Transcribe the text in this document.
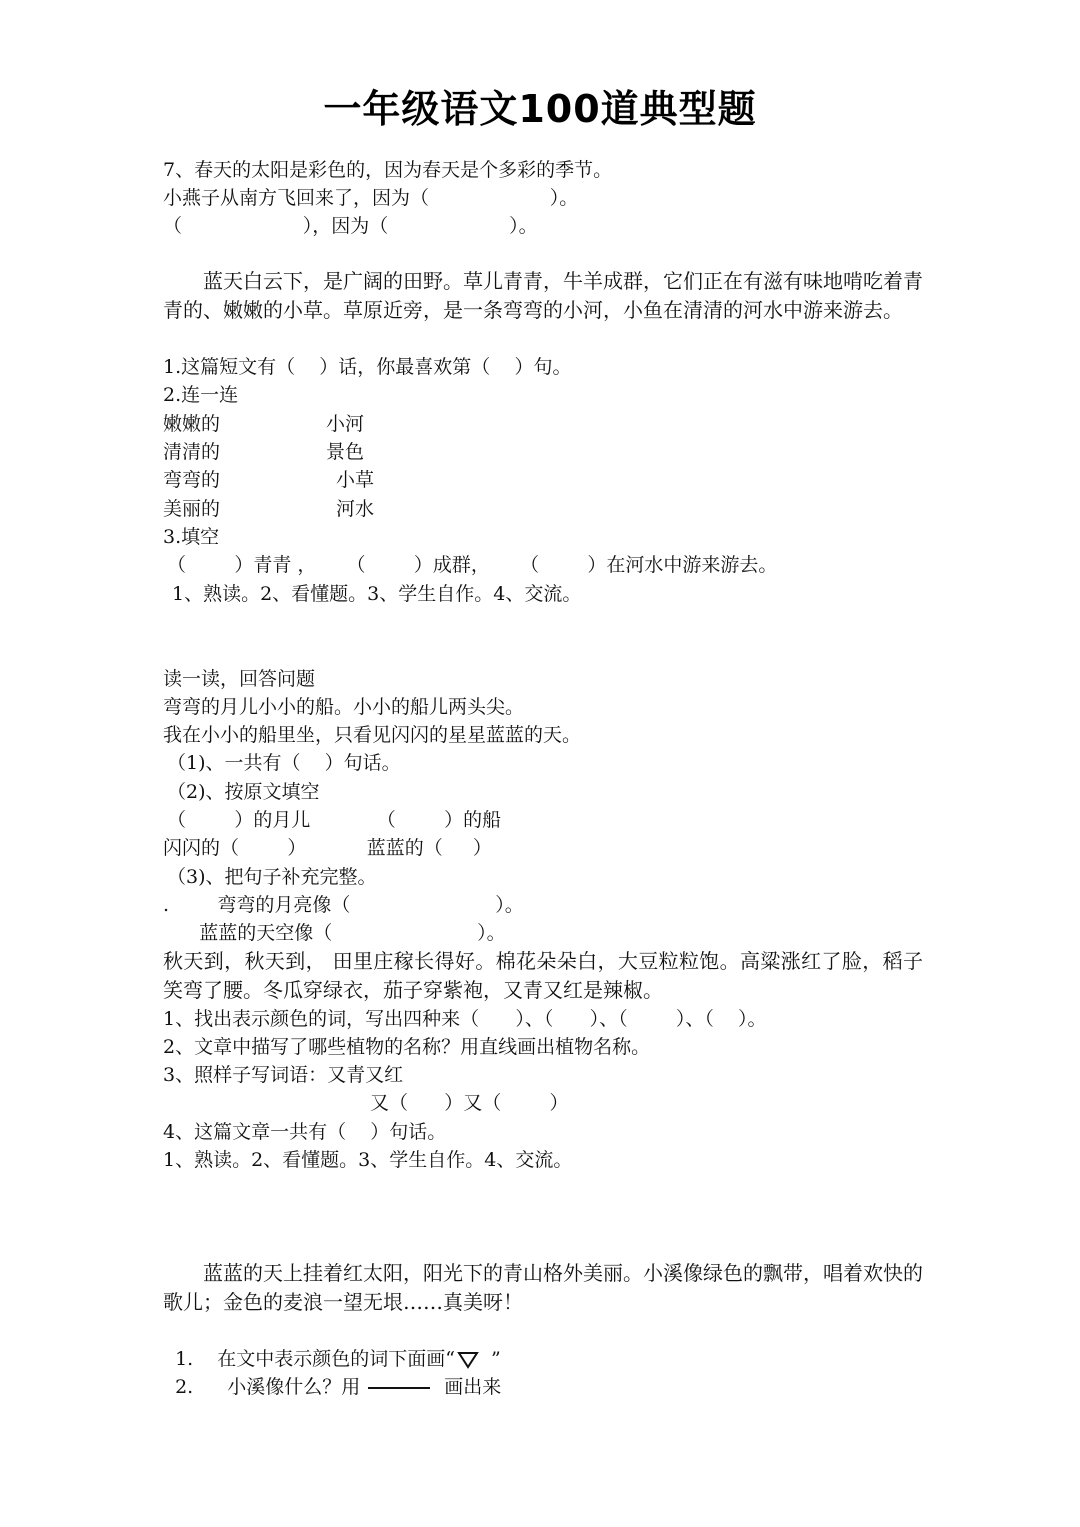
一年级语文100道典型题
7、春天的太阳是彩色的，因为春天是个多彩的季节。
小燕子从南方飞回来了，因为（                    ）。
（                    ），因为（                    ）。
蓝天白云下，是广阔的田野。草儿青青，牛羊成群，它们正在有滋有味地啃吃着青青的、嫩嫩的小草。草原近旁，是一条弯弯的小河，小鱼在清清的河水中游来游去。
1.这篇短文有（    ）话，你最喜欢第（    ）句。
2.连一连
嫩嫩的	小河
清清的	景色
弯弯的	小草
美丽的	河水
3.填空
（        ）青青 ，     （        ）成群，     （        ）在河水中游来游去。
1、熟读。2、看懂题。3、学生自作。4、交流。
读一读，回答问题
弯弯的月儿小小的船。小小的船儿两头尖。
我在小小的船里坐，只看见闪闪的星星蓝蓝的天。
（1)、一共有（    ）句话。
（2)、按原文填空
（        ）的月儿           （        ）的船
闪闪的（        ）          蓝蓝的（     ）
（3)、把句子补充完整。
.        弯弯的月亮像（                        ）。
蓝蓝的天空像（                        ）。
秋天到，秋天到， 田里庄稼长得好。棉花朵朵白，大豆粒粒饱。高粱涨红了脸，稻子笑弯了腰。冬瓜穿绿衣，茄子穿紫袍，又青又红是辣椒。
1、找出表示颜色的词，写出四种来（      ）、（      ）、（        ）、（    ）。
2、文章中描写了哪些植物的名称？用直线画出植物名称。
3、照样子写词语：又青又红
又（      ）又（        ）
4、这篇文章一共有（    ）句话。
1、熟读。2、看懂题。3、学生自作。4、交流。
蓝蓝的天上挂着红太阳，阳光下的青山格外美丽。小溪像绿色的飘带，唱着欢快的歌儿；金色的麦浪一望无垠……真美呀！

1. 在文中表示颜色的词下面画“ ”

2. 小溪像什么？用	画出来
